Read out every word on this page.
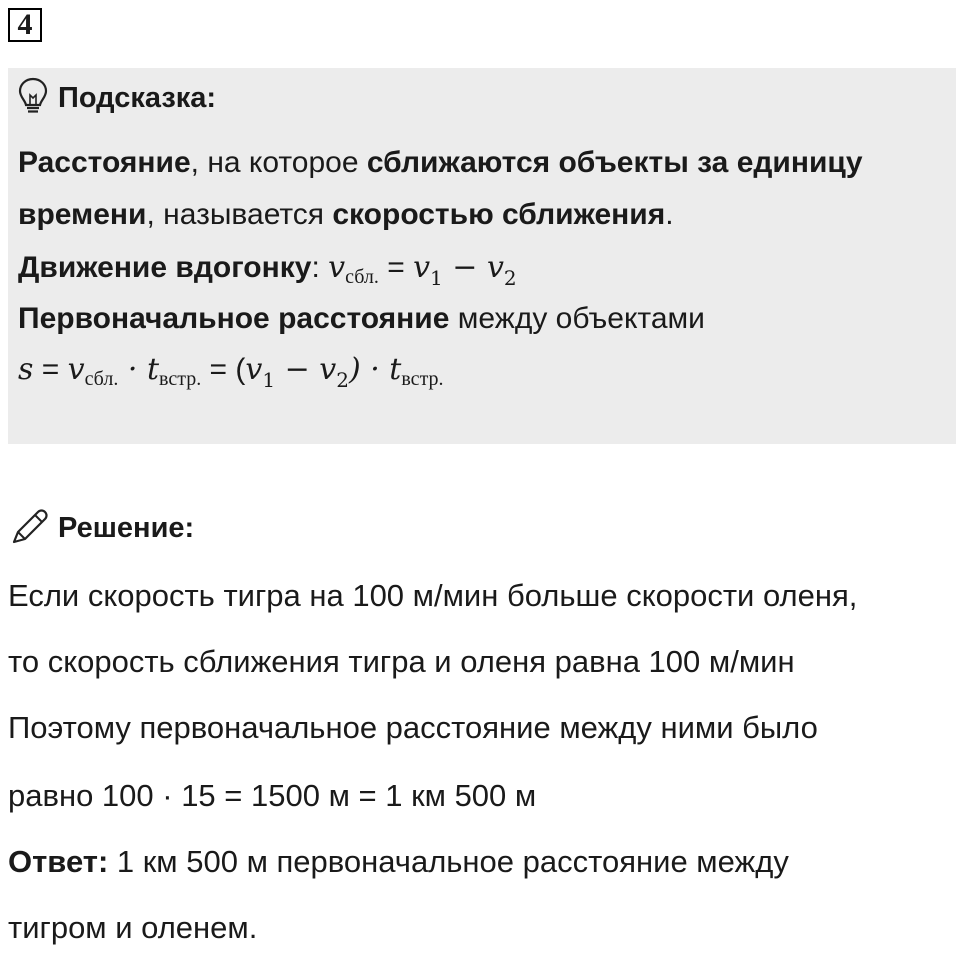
4
Подсказка:
Расстояние, на которое сближаются объекты за единицу
времени, называется скоростью сближения.
Движение вдогонку: $v_{сбл.} = v_1 - v_2$
Первоначальное расстояние между объектами
$s = v_{сбл.} \cdot t_{встр.} = (v_1 - v_2) \cdot t_{встр.}$
Решение:
Если скорость тигра на 100 м/мин больше скорости оленя,
то скорость сближения тигра и оленя равна 100 м/мин
Поэтому первоначальное расстояние между ними было
равно 100 · 15 = 1500 м = 1 км 500 м
Ответ: 1 км 500 м первоначальное расстояние между
тигром и оленем.
